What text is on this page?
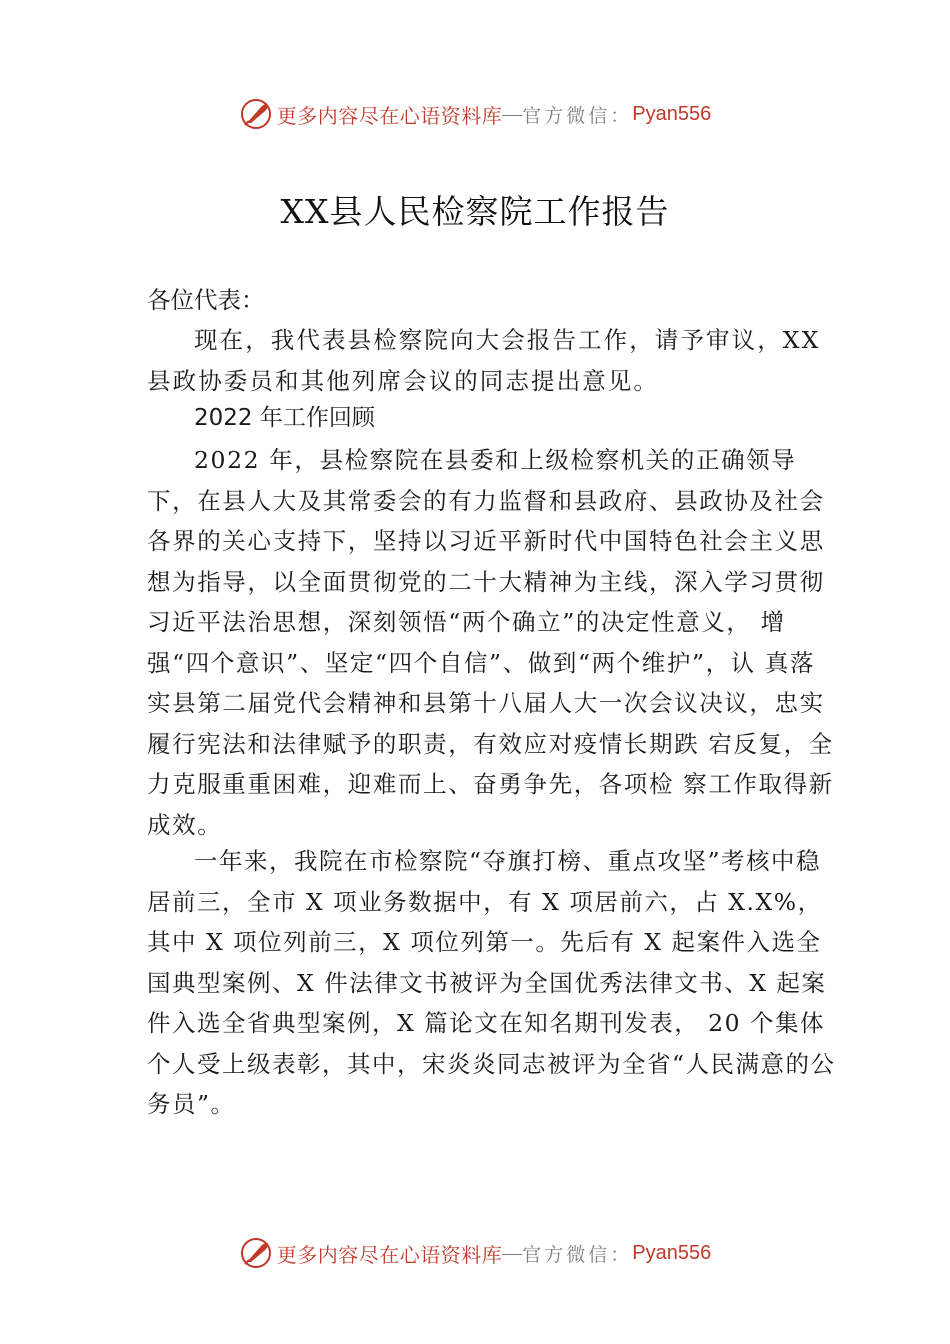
更多内容尽在心语资料库 — 官方微信： Pyan556
XX县人民检察院工作报告
各位代表：
现在，我代表县检察院向大会报告工作，请予审议，XX县政协委员和其他列席会议的同志提出意见。
2022 年工作回顾
2022 年，县检察院在县委和上级检察机关的正确领导下，在县人大及其常委会的有力监督和县政府、县政协及社会各界的关心支持下，坚持以习近平新时代中国特色社会主义思想为指导，以全面贯彻党的二十大精神为主线，深入学习贯彻习近平法治思想，深刻领悟“两个确立”的决定性意义， 增强“四个意识”、坚定“四个自信”、做到“两个维护”，认 真落实县第二届党代会精神和县第十八届人大一次会议决议，忠实履行宪法和法律赋予的职责，有效应对疫情长期跌 宕反复，全力克服重重困难，迎难而上、奋勇争先，各项检 察工作取得新成效。
一年来，我院在市检察院“夺旗打榜、重点攻坚”考核中稳居前三，全市 X 项业务数据中，有 X 项居前六，占 X.X%，其中 X 项位列前三，X 项位列第一。先后有 X 起案件入选全国典型案例、X 件法律文书被评为全国优秀法律文书、X 起案件入选全省典型案例，X 篇论文在知名期刊发表， 20 个集体个人受上级表彰，其中，宋炎炎同志被评为全省“人民满意的公务员”。
更多内容尽在心语资料库 — 官方微信： Pyan556
